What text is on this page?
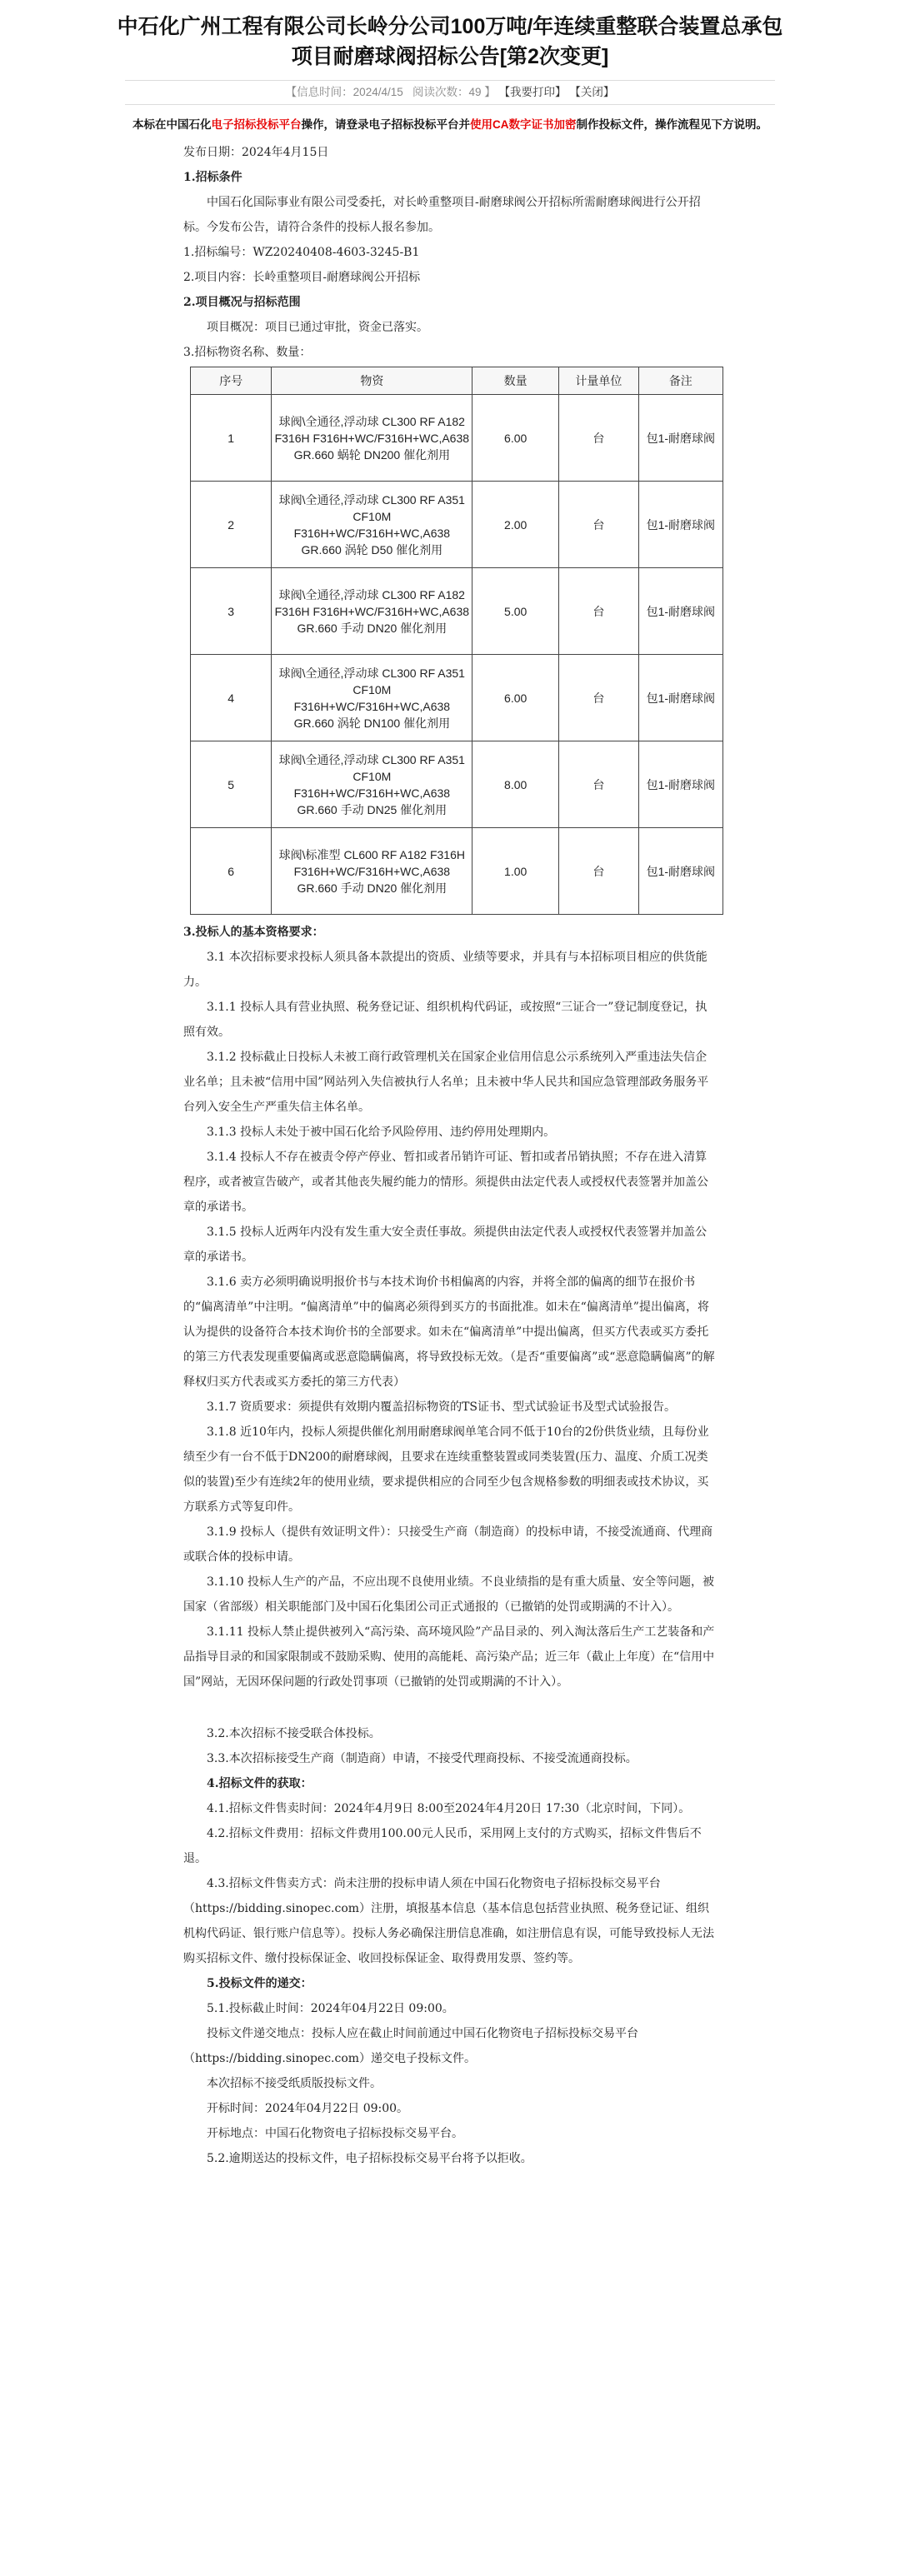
中石化广州工程有限公司长岭分公司100万吨/年连续重整联合装置总承包项目耐磨球阀招标公告[第2次变更]
【信息时间：2024/4/15 阅读次数：49 】 【我要打印】 【关闭】
本标在中国石化电子招标投标平台操作，请登录电子招标投标平台并使用CA数字证书加密制作投标文件，操作流程见下方说明。

发布日期：2024年4月15日

1.招标条件

中国石化国际事业有限公司受委托，对长岭重整项目-耐磨球阀公开招标所需耐磨球阀进行公开招标。今发布公告，请符合条件的投标人报名参加。

1.招标编号：WZ20240408-4603-3245-B1

2.项目内容：长岭重整项目-耐磨球阀公开招标

2.项目概况与招标范围

项目概况：项目已通过审批，资金已落实。

3.招标物资名称、数量：

序号	物资	数量	计量单位	备注
1	球阀\全通径,浮动球 CL300 RF A182 F316H F316H+WC/F316H+WC,A638 GR.660 蜗轮 DN200 催化剂用	6.00	台	包1-耐磨球阀
2	球阀\全通径,浮动球 CL300 RF A351 CF10M F316H+WC/F316H+WC,A638 GR.660 涡轮 D50 催化剂用	2.00	台	包1-耐磨球阀
3	球阀\全通径,浮动球 CL300 RF A182 F316H F316H+WC/F316H+WC,A638 GR.660 手动 DN20 催化剂用	5.00	台	包1-耐磨球阀
4	球阀\全通径,浮动球 CL300 RF A351 CF10M F316H+WC/F316H+WC,A638 GR.660 涡轮 DN100 催化剂用	6.00	台	包1-耐磨球阀
5	球阀\全通径,浮动球 CL300 RF A351 CF10M F316H+WC/F316H+WC,A638 GR.660 手动 DN25 催化剂用	8.00	台	包1-耐磨球阀
6	球阀\标准型 CL600 RF A182 F316H F316H+WC/F316H+WC,A638 GR.660 手动 DN20 催化剂用	1.00	台	包1-耐磨球阀

3.投标人的基本资格要求：

3.1 本次招标要求投标人须具备本款提出的资质、业绩等要求，并具有与本招标项目相应的供货能力。

3.1.1 投标人具有营业执照、税务登记证、组织机构代码证，或按照“三证合一”登记制度登记，执照有效。

3.1.2 投标截止日投标人未被工商行政管理机关在国家企业信用信息公示系统列入严重违法失信企业名单；且未被“信用中国”网站列入失信被执行人名单；且未被中华人民共和国应急管理部政务服务平台列入安全生产严重失信主体名单。

3.1.3 投标人未处于被中国石化给予风险停用、违约停用处理期内。

3.1.4 投标人不存在被责令停产停业、暂扣或者吊销许可证、暂扣或者吊销执照；不存在进入清算程序，或者被宣告破产，或者其他丧失履约能力的情形。须提供由法定代表人或授权代表签署并加盖公章的承诺书。

3.1.5 投标人近两年内没有发生重大安全责任事故。须提供由法定代表人或授权代表签署并加盖公章的承诺书。

3.1.6 卖方必须明确说明报价书与本技术询价书相偏离的内容，并将全部的偏离的细节在报价书的“偏离清单”中注明。“偏离清单”中的偏离必须得到买方的书面批准。如未在“偏离清单”提出偏离，将认为提供的设备符合本技术询价书的全部要求。如未在“偏离清单”中提出偏离，但买方代表或买方委托的第三方代表发现重要偏离或恶意隐瞒偏离，将导致投标无效。（是否“重要偏离”或“恶意隐瞒偏离”的解释权归买方代表或买方委托的第三方代表）

3.1.7 资质要求：须提供有效期内覆盖招标物资的TS证书、型式试验证书及型式试验报告。

3.1.8 近10年内，投标人须提供催化剂用耐磨球阀单笔合同不低于10台的2份供货业绩，且每份业绩至少有一台不低于DN200的耐磨球阀，且要求在连续重整装置或同类装置(压力、温度、介质工况类似的装置)至少有连续2年的使用业绩，要求提供相应的合同至少包含规格参数的明细表或技术协议，买方联系方式等复印件。

3.1.9 投标人（提供有效证明文件）：只接受生产商（制造商）的投标申请，不接受流通商、代理商或联合体的投标申请。

3.1.10 投标人生产的产品，不应出现不良使用业绩。不良业绩指的是有重大质量、安全等问题，被国家（省部级）相关职能部门及中国石化集团公司正式通报的（已撤销的处罚或期满的不计入）。

3.1.11 投标人禁止提供被列入“高污染、高环境风险”产品目录的、列入淘汰落后生产工艺装备和产品指导目录的和国家限制或不鼓励采购、使用的高能耗、高污染产品；近三年（截止上年度）在“信用中国”网站，无因环保问题的行政处罚事项（已撤销的处罚或期满的不计入）。

3.2.本次招标不接受联合体投标。

3.3.本次招标接受生产商（制造商）申请，不接受代理商投标、不接受流通商投标。

4.招标文件的获取：

4.1.招标文件售卖时间：2024年4月9日 8:00至2024年4月20日 17:30（北京时间，下同）。

4.2.招标文件费用：招标文件费用100.00元人民币，采用网上支付的方式购买，招标文件售后不退。

4.3.招标文件售卖方式：尚未注册的投标申请人须在中国石化物资电子招标投标交易平台（https://bidding.sinopec.com）注册，填报基本信息（基本信息包括营业执照、税务登记证、组织机构代码证、银行账户信息等）。投标人务必确保注册信息准确，如注册信息有误，可能导致投标人无法购买招标文件、缴付投标保证金、收回投标保证金、取得费用发票、签约等。

5.投标文件的递交：

5.1.投标截止时间：2024年04月22日 09:00。

投标文件递交地点：投标人应在截止时间前通过中国石化物资电子招标投标交易平台（https://bidding.sinopec.com）递交电子投标文件。

本次招标不接受纸质版投标文件。

开标时间：2024年04月22日 09:00。

开标地点：中国石化物资电子招标投标交易平台。

5.2.逾期送达的投标文件，电子招标投标交易平台将予以拒收。
